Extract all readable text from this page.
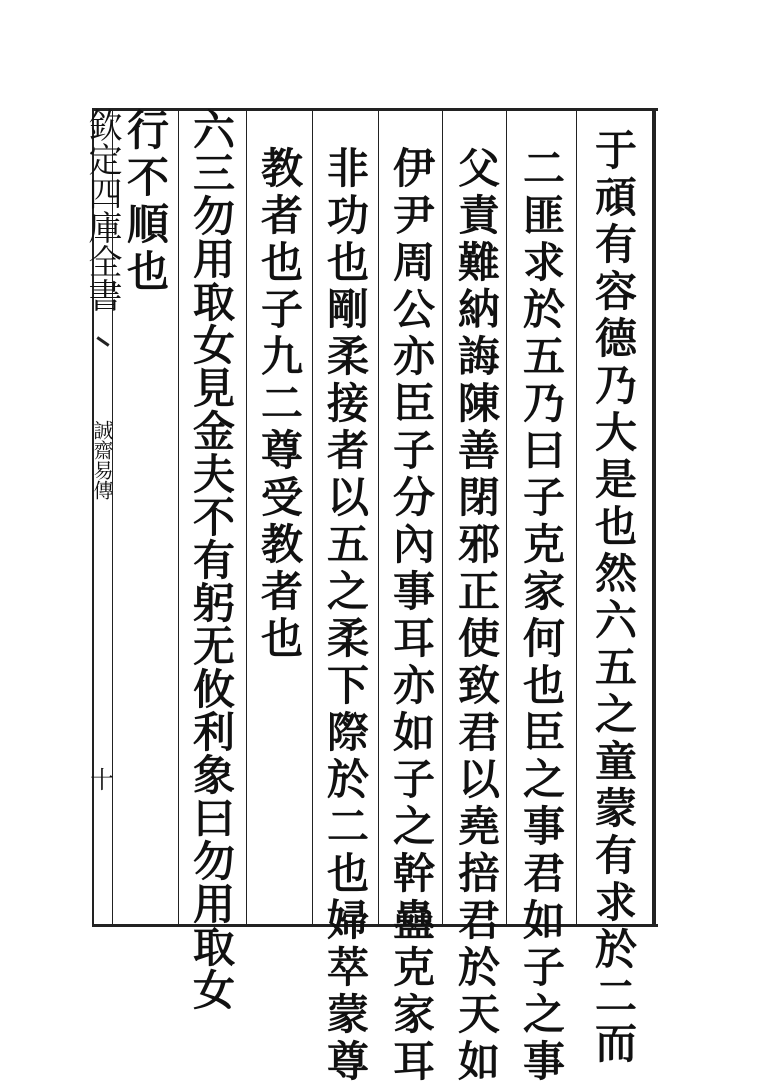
欽定四庫全書
誠齋易傳
十	于頑有容德乃大是也然六五之童蒙有求於二而
二匪求於五乃曰子克家何也臣之事君如子之事
父責難納誨陳善閉邪正使致君以堯掊君於天如
伊尹周公亦臣子分內事耳亦如子之幹蠱克家耳
非功也剛柔接者以五之柔下際於二也婦萃蒙尊
教者也子九二尊受教者也
六三勿用取女見金夫不有躬无攸利象曰勿用取女
行不順也
